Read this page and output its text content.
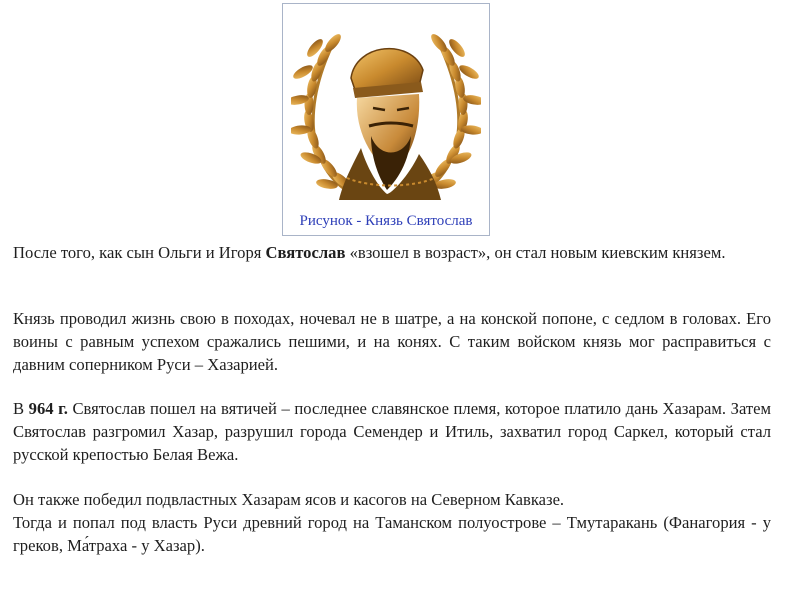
Рисунок - Князь Святослав

После того, как сын Ольги и Игоря Святослав «взошел в возраст», он стал новым киевским князем.

Князь проводил жизнь свою в походах, ночевал не в шатре, а на конской попоне, с седлом в головах. Его воины с равным успехом сражались пешими, и на конях. С таким войском князь мог расправиться с давним соперником Руси – Хазарией.

В 964 г. Святослав пошел на вятичей – последнее славянское племя, которое платило дань Хазарам. Затем Святослав разгромил Хазар, разрушил города Семендер и Итиль, захватил город Саркел, который стал русской крепостью Белая Вежа.

Он также победил подвластных Хазарам ясов и касогов на Северном Кавказе.

Тогда и попал под власть Руси древний город на Таманском полуострове – Тмутаракань (Фанагория - у греков, Ма́траха - у Хазар).
